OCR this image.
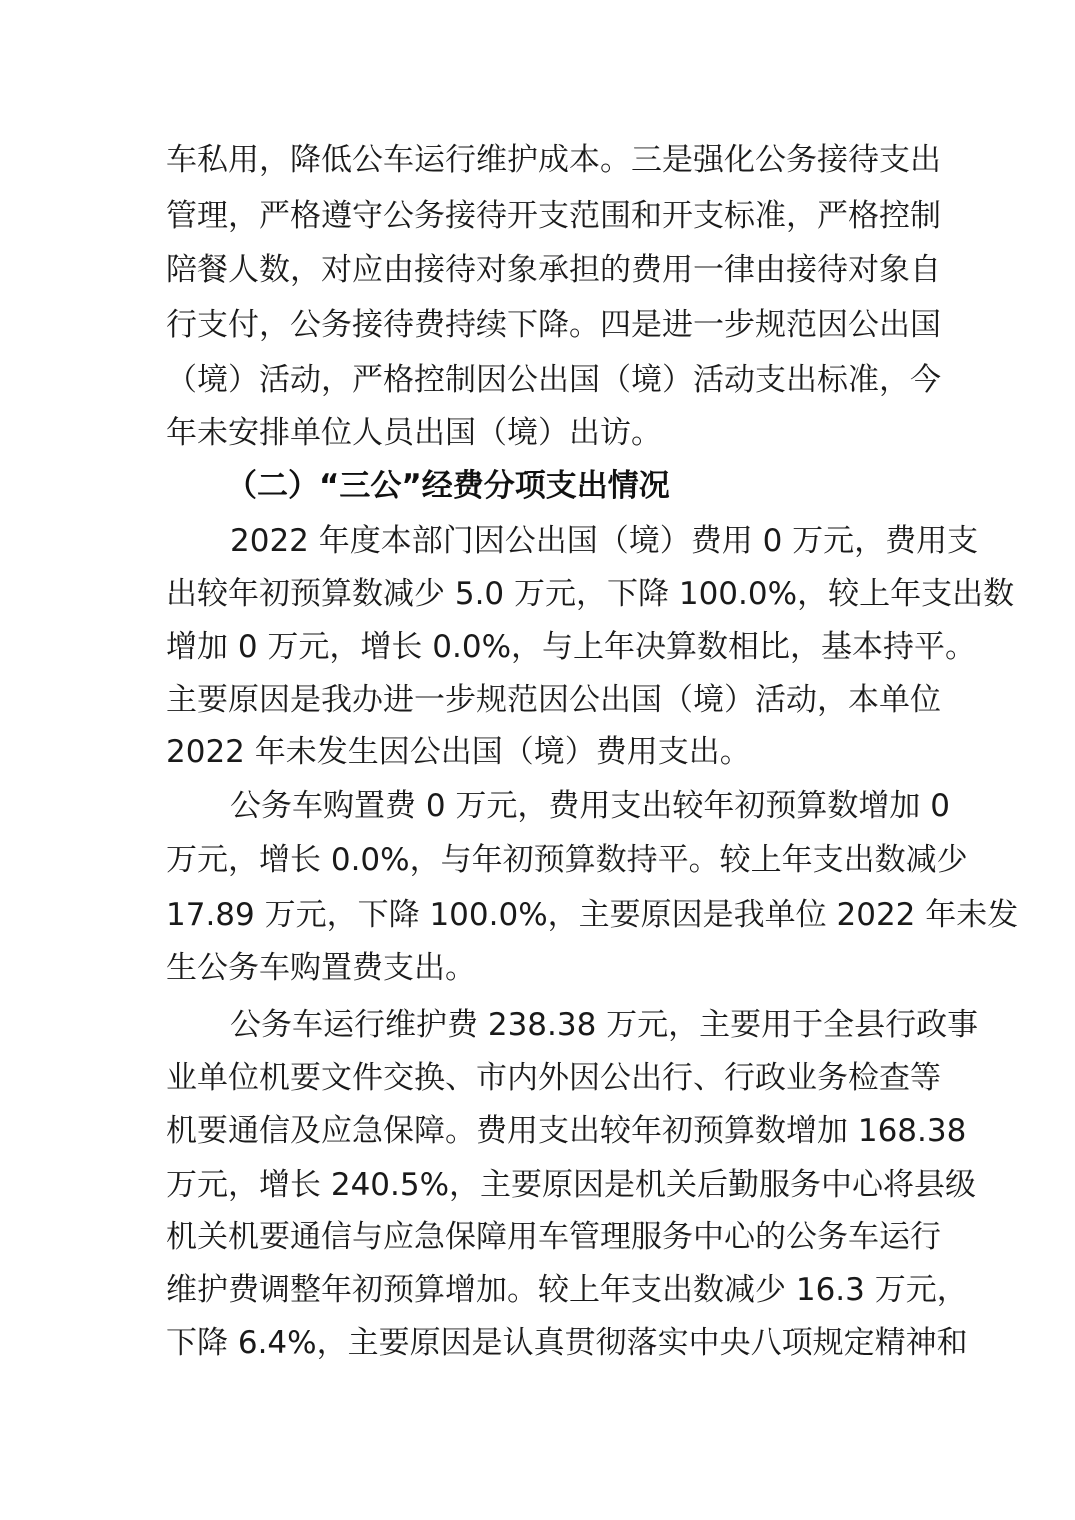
车私用，降低公车运行维护成本。三是强化公务接待支出
管理，严格遵守公务接待开支范围和开支标准，严格控制
陪餐人数，对应由接待对象承担的费用一律由接待对象自
行支付，公务接待费持续下降。四是进一步规范因公出国
（境）活动，严格控制因公出国（境）活动支出标准，今
年未安排单位人员出国（境）出访。
（二）“三公”经费分项支出情况
2022 年度本部门因公出国（境）费用 0 万元，费用支
出较年初预算数减少 5.0 万元，下降 100.0%，较上年支出数
增加 0 万元，增长 0.0%，与上年决算数相比，基本持平。
主要原因是我办进一步规范因公出国（境）活动，本单位
2022 年未发生因公出国（境）费用支出。
公务车购置费 0 万元，费用支出较年初预算数增加 0
万元，增长 0.0%，与年初预算数持平。较上年支出数减少
17.89 万元，下降 100.0%，主要原因是我单位 2022 年未发
生公务车购置费支出。
公务车运行维护费 238.38 万元，主要用于全县行政事
业单位机要文件交换、市内外因公出行、行政业务检查等
机要通信及应急保障。费用支出较年初预算数增加 168.38
万元，增长 240.5%，主要原因是机关后勤服务中心将县级
机关机要通信与应急保障用车管理服务中心的公务车运行
维护费调整年初预算增加。较上年支出数减少 16.3 万元，
下降 6.4%，主要原因是认真贯彻落实中央八项规定精神和
